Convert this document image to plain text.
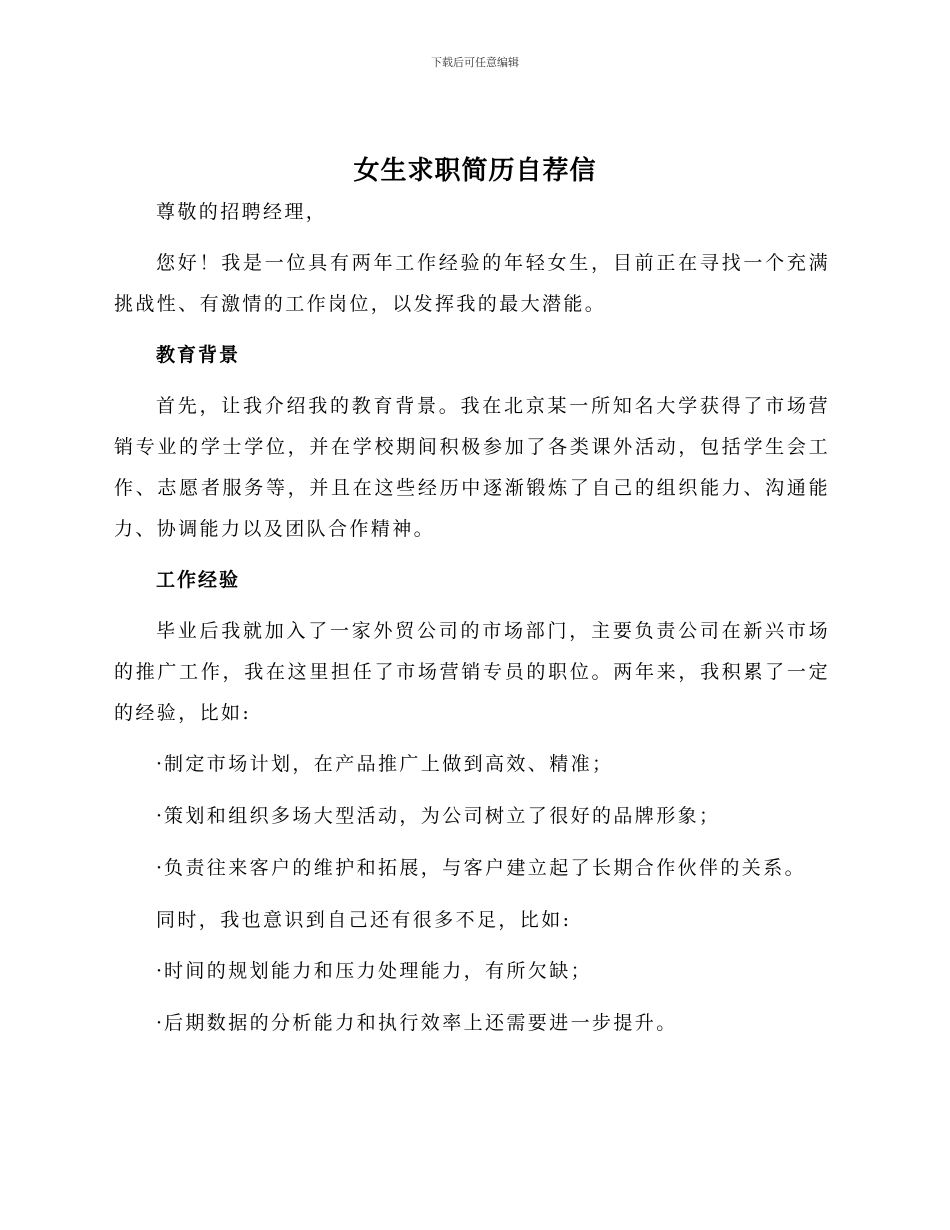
下载后可任意编辑
女生求职简历自荐信

尊敬的招聘经理，

您好！我是一位具有两年工作经验的年轻女生，目前正在寻找一个充满挑战性、有激情的工作岗位，以发挥我的最大潜能。

教育背景

首先，让我介绍我的教育背景。我在北京某一所知名大学获得了市场营销专业的学士学位，并在学校期间积极参加了各类课外活动，包括学生会工作、志愿者服务等，并且在这些经历中逐渐锻炼了自己的组织能力、沟通能力、协调能力以及团队合作精神。

工作经验

毕业后我就加入了一家外贸公司的市场部门，主要负责公司在新兴市场的推广工作，我在这里担任了市场营销专员的职位。两年来，我积累了一定的经验，比如:

·制定市场计划，在产品推广上做到高效、精准；
·策划和组织多场大型活动，为公司树立了很好的品牌形象；
·负责往来客户的维护和拓展，与客户建立起了长期合作伙伴的关系。

同时，我也意识到自己还有很多不足，比如:

·时间的规划能力和压力处理能力，有所欠缺；
·后期数据的分析能力和执行效率上还需要进一步提升。
